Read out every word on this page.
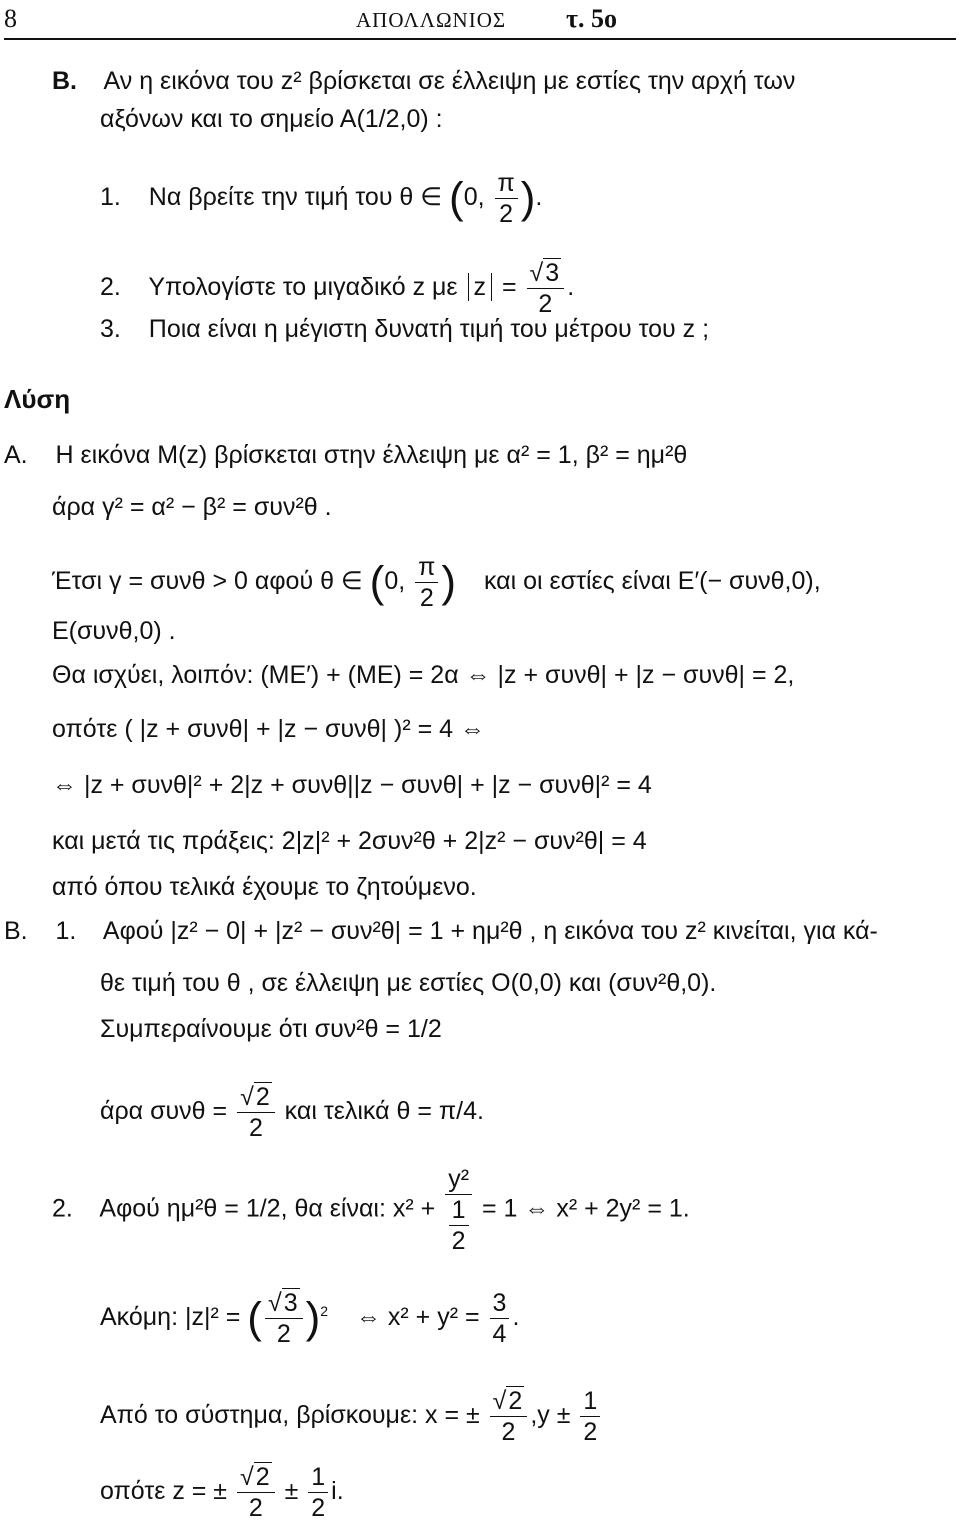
8	ΑΠΟΛΛΩΝΙΟΣ τ. 5ο
Β. Αν η εικόνα του z² βρίσκεται σε έλλειψη με εστίες την αρχή των
αξόνων και το σημείο Α(1/2,0) :
1. Να βρείτε την τιμή του θ ∈ (0, $\frac{\pi}{2}$ ).
2. Υπολογίστε το μιγαδικό z με $z = \frac{√3}{2}$ .
3. Ποια είναι η μέγιστη δυνατή τιμή του μέτρου του z ;
Λύση
Α. Η εικόνα Μ(z) βρίσκεται στην έλλειψη με α² = 1, β² = ημ²θ
άρα γ² = α² − β² = συν²θ .
Έτσι γ = συνθ > 0 αφού θ ∈ (0, $\frac{\pi}{2}$ ) και οι εστίες είναι Ε′(− συνθ,0),
Ε(συνθ,0) .
Θα ισχύει, λοιπόν: (ΜΕ′) + (ΜΕ) = 2α ⇔ |z + συνθ| + |z − συνθ| = 2,
οπότε ( |z + συνθ| + |z − συνθ| )² = 4 ⇔
⇔ |z + συνθ|² + 2|z + συνθ||z − συνθ| + |z − συνθ|² = 4
και μετά τις πράξεις: 2|z|² + 2συν²θ + 2|z² − συν²θ| = 4
από όπου τελικά έχουμε το ζητούμενο.
Β. 1. Αφού |z² − 0| + |z² − συν²θ| = 1 + ημ²θ , η εικόνα του z² κινείται, για κά-
θε τιμή του θ , σε έλλειψη με εστίες Ο(0,0) και (συν²θ,0).
Συμπεραίνουμε ότι συν²θ = 1/2
άρα $\sigma\upsilon\nu\theta = \frac{√2}{2}$ και τελικά θ = π/4.
2. Αφού ημ²θ = 1/2, θα είναι: $x^2 + \frac{\text{y²}}{\frac{1}{2}} = 1$ ⇔ x² + 2y² = 1.
Ακόμη: |z|² = ( $\frac{√3}{2} )^2$ ⇔ $x^2 + y^2 = \frac{3}{4}$ .
Από το σύστημα, βρίσκουμε: x = ± $\frac{√2}{2} ,y \pm \frac{1}{2}$
οπότε z = ± $\frac{√2}{2} \pm \frac{1}{2} i$.
